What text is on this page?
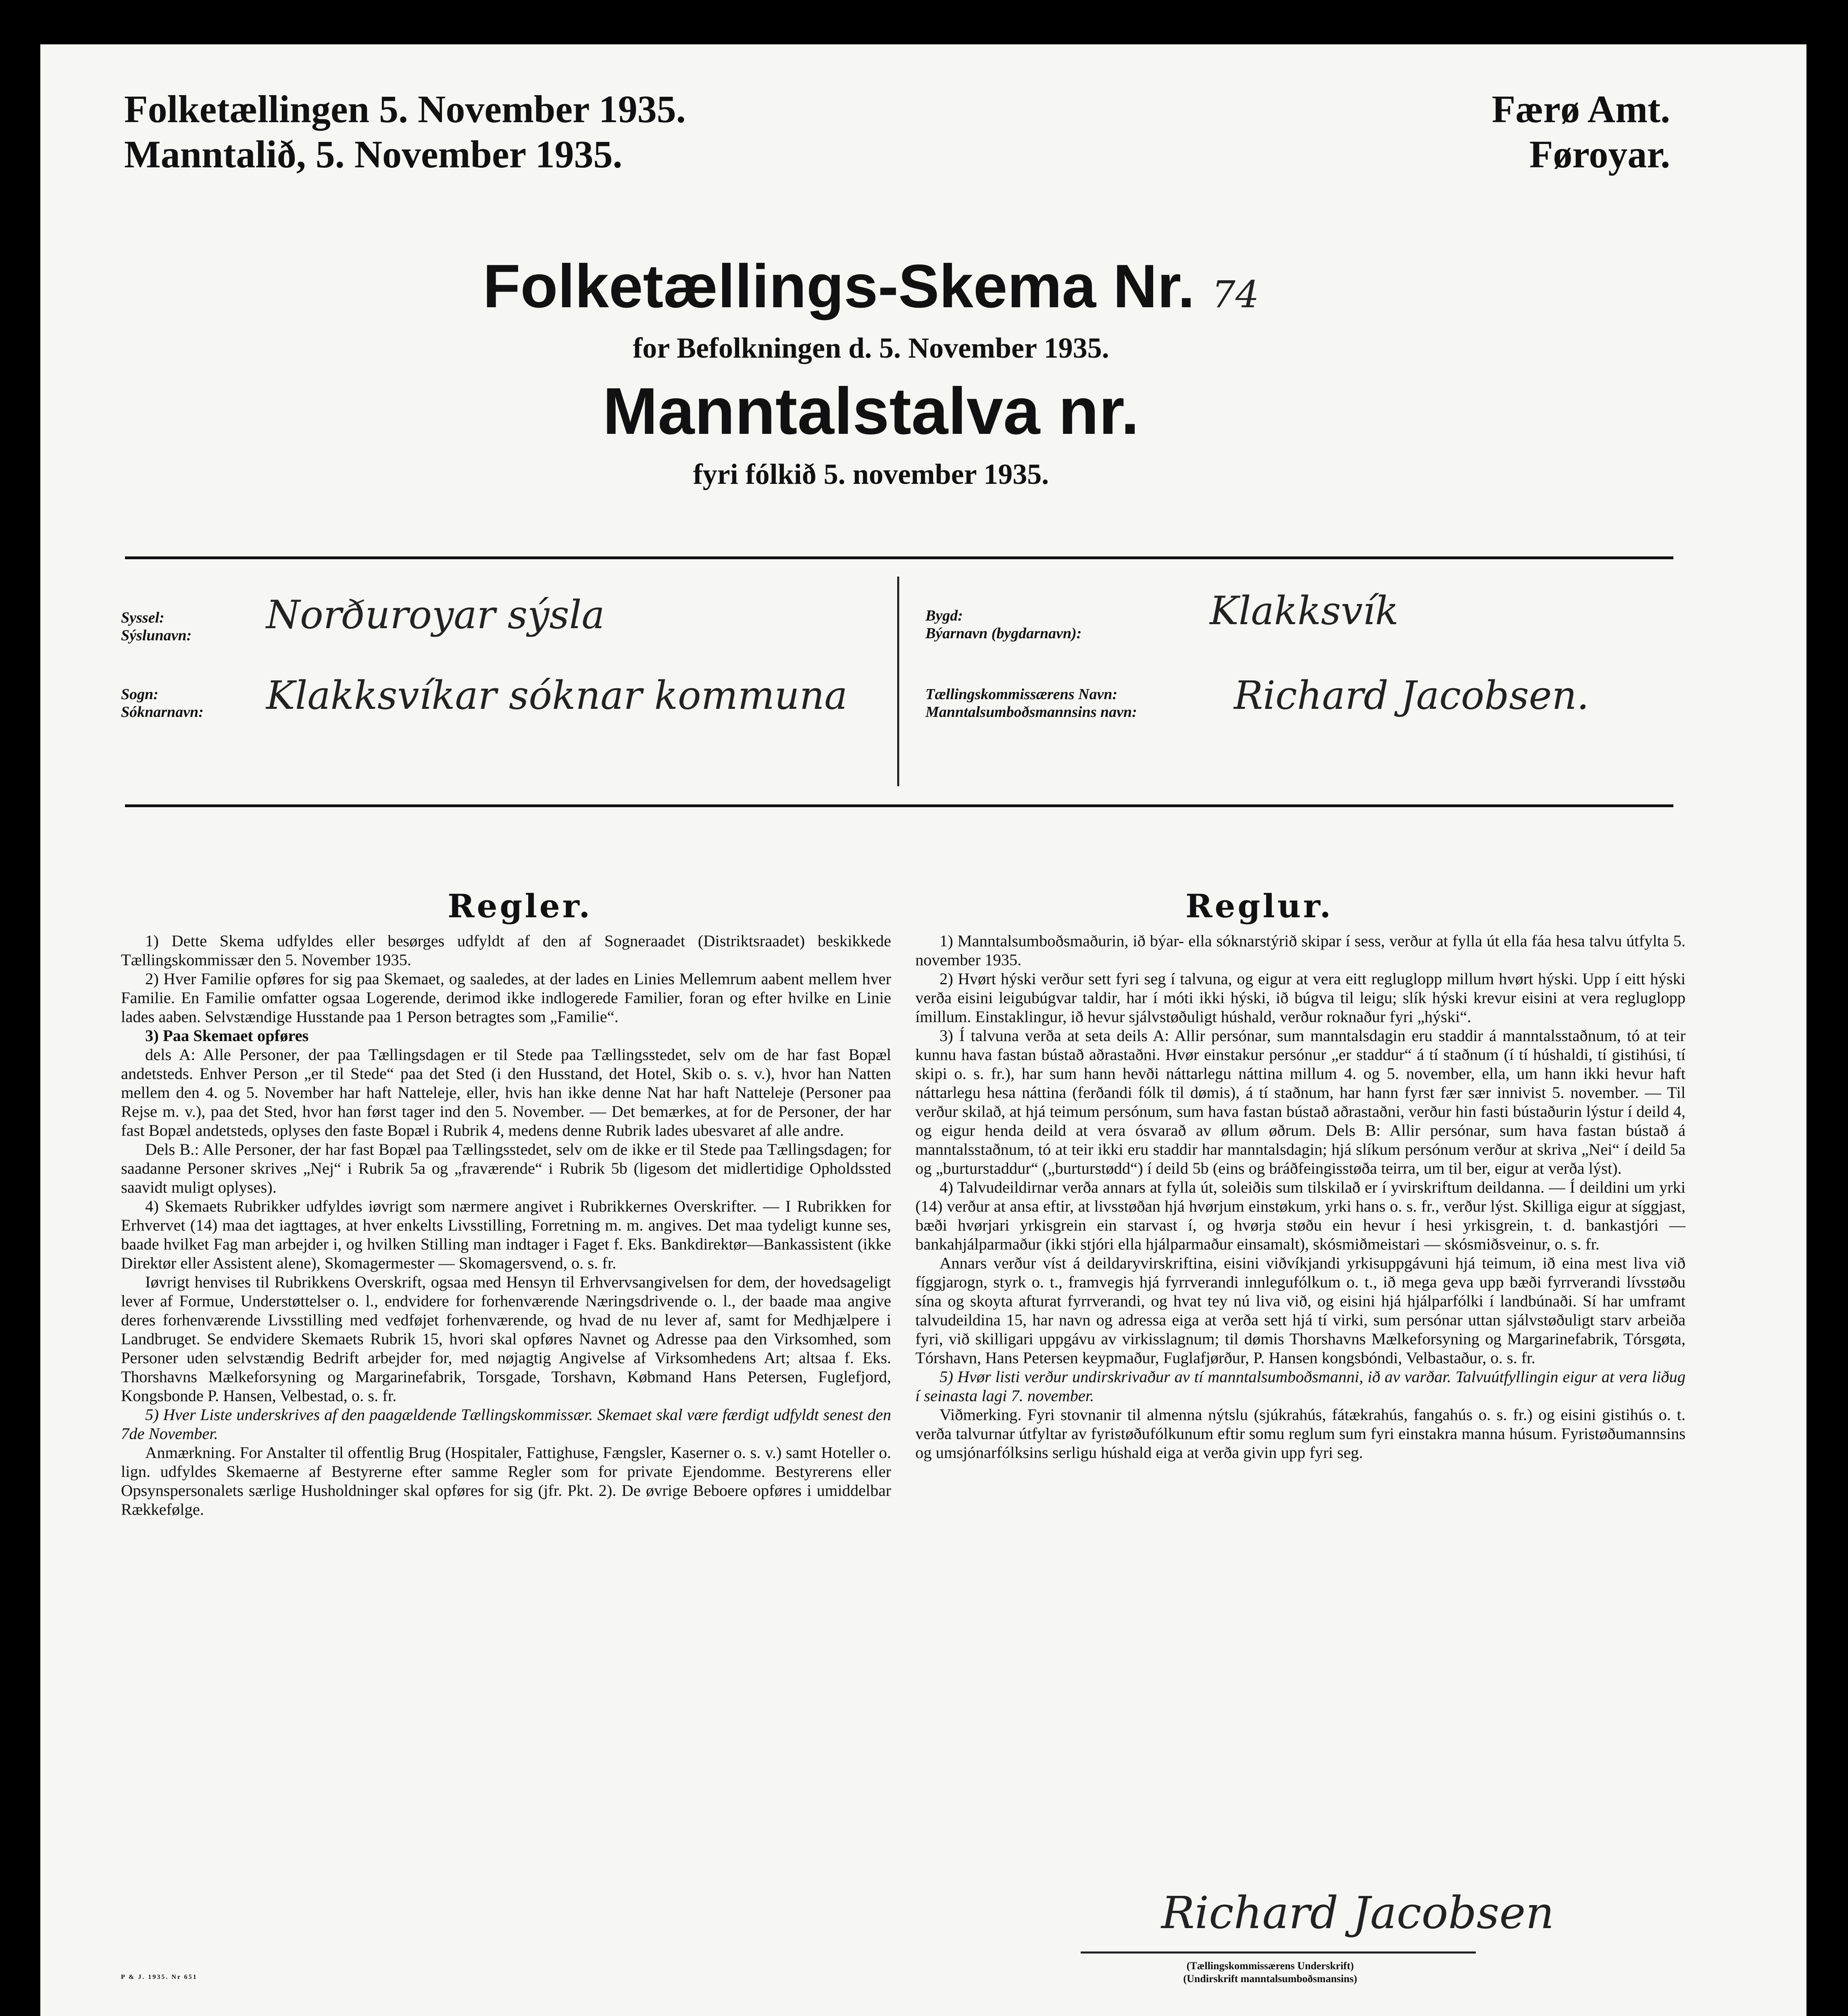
Folketællingen 5. November 1935.
Manntalið, 5. November 1935.
Færø Amt.
Føroyar.
Folketællings-Skema Nr. 74
for Befolkningen d. 5. November 1935.
Manntalstalva nr.
fyri fólkið 5. november 1935.
Syssel:
Sýslunavn: Norðuroyar sýsla
Sogn:
Sóknarnavn: Klakksvíkar sóknar kommuna
Bygd:
Býarnavn (bygdarnavn):	Klakksvík
Tællingskommissærens Navn:
Manntalsumboðsmannsins navn:	Richard Jacobsen.
Regler.	Reglur.

1) Dette Skema udfyldes eller besørges udfyldt af den af Sogneraadet (Distriktsraadet) beskikkede Tællingskommissær den 5. November 1935.

2) Hver Familie opføres for sig paa Skemaet, og saaledes, at der lades en Linies Mellemrum aabent mellem hver Familie. En Familie omfatter ogsaa Logerende, derimod ikke indlogerede Familier, foran og efter hvilke en Linie lades aaben. Selvstændige Husstande paa 1 Person betragtes som „Familie“.

3) Paa Skemaet opføres

dels A: Alle Personer, der paa Tællingsdagen er til Stede paa Tællingsstedet, selv om de har fast Bopæl andetsteds. Enhver Person „er til Stede“ paa det Sted (i den Husstand, det Hotel, Skib o. s. v.), hvor han Natten mellem den 4. og 5. November har haft Natteleje, eller, hvis han ikke denne Nat har haft Natteleje (Personer paa Rejse m. v.), paa det Sted, hvor han først tager ind den 5. November. — Det bemærkes, at for de Personer, der har fast Bopæl andetsteds, oplyses den faste Bopæl i Rubrik 4, medens denne Rubrik lades ubesvaret af alle andre.

Dels B.: Alle Personer, der har fast Bopæl paa Tællingsstedet, selv om de ikke er til Stede paa Tællingsdagen; for saadanne Personer skrives „Nej“ i Rubrik 5a og „fraværende“ i Rubrik 5b (ligesom det midlertidige Opholdssted saavidt muligt oplyses).

4) Skemaets Rubrikker udfyldes iøvrigt som nærmere angivet i Rubrikkernes Overskrifter. — I Rubrikken for Erhvervet (14) maa det iagttages, at hver enkelts Livsstilling, Forretning m. m. angives. Det maa tydeligt kunne ses, baade hvilket Fag man arbejder i, og hvilken Stilling man indtager i Faget f. Eks. Bankdirektør—Bankassistent (ikke Direktør eller Assistent alene), Skomagermester — Skomagersvend, o. s. fr.

Iøvrigt henvises til Rubrikkens Overskrift, ogsaa med Hensyn til Erhvervsangivelsen for dem, der hovedsageligt lever af Formue, Understøttelser o. l., endvidere for forhenværende Næringsdrivende o. l., der baade maa angive deres forhenværende Livsstilling med vedføjet forhenværende, og hvad de nu lever af, samt for Medhjælpere i Landbruget. Se endvidere Skemaets Rubrik 15, hvori skal opføres Navnet og Adresse paa den Virksomhed, som Personer uden selvstændig Bedrift arbejder for, med nøjagtig Angivelse af Virksomhedens Art; altsaa f. Eks. Thorshavns Mælkeforsyning og Margarinefabrik, Torsgade, Torshavn, Købmand Hans Petersen, Fuglefjord, Kongsbonde P. Hansen, Velbestad, o. s. fr.

5) Hver Liste underskrives af den paagældende Tællingskommissær. Skemaet skal være færdigt udfyldt senest den 7de November.

Anmærkning. For Anstalter til offentlig Brug (Hospitaler, Fattighuse, Fængsler, Kaserner o. s. v.) samt Hoteller o. lign. udfyldes Skemaerne af Bestyrerne efter samme Regler som for private Ejendomme. Bestyrerens eller Opsynspersonalets særlige Husholdninger skal opføres for sig (jfr. Pkt. 2). De øvrige Beboere opføres i umiddelbar Rækkefølge.

1) Manntalsumboðsmaðurin, ið býar- ella sóknarstýrið skipar í sess, verður at fylla út ella fáa hesa talvu útfylta 5. november 1935.

2) Hvørt hýski verður sett fyri seg í talvuna, og eigur at vera eitt regluglopp millum hvørt hýski. Upp í eitt hýski verða eisini leigubúgvar taldir, har í móti ikki hýski, ið búgva til leigu; slík hýski krevur eisini at vera regluglopp ímillum. Einstaklingur, ið hevur sjálvstøðuligt húshald, verður roknaður fyri „hýski“.

3) Í talvuna verða at seta deils A: Allir persónar, sum manntalsdagin eru staddir á manntalsstaðnum, tó at teir kunnu hava fastan bústað aðrastaðni. Hvør einstakur persónur „er staddur“ á tí staðnum (í tí húshaldi, tí gistihúsi, tí skipi o. s. fr.), har sum hann hevði náttarlegu náttina millum 4. og 5. november, ella, um hann ikki hevur haft náttarlegu hesa náttina (ferðandi fólk til dømis), á tí staðnum, har hann fyrst fær sær innivist 5. november. — Til verður skilað, at hjá teimum persónum, sum hava fastan bústað aðrastaðni, verður hin fasti bústaðurin lýstur í deild 4, og eigur henda deild at vera ósvarað av øllum øðrum. Dels B: Allir persónar, sum hava fastan bústað á manntalsstaðnum, tó at teir ikki eru staddir har manntalsdagin; hjá slíkum persónum verður at skriva „Nei“ í deild 5a og „burturstaddur“ („burturstødd“) í deild 5b (eins og bráðfeingisstøða teirra, um til ber, eigur at verða lýst).

4) Talvudeildirnar verða annars at fylla út, soleiðis sum tilskilað er í yvirskriftum deildanna. — Í deildini um yrki (14) verður at ansa eftir, at livsstøðan hjá hvørjum einstøkum, yrki hans o. s. fr., verður lýst. Skilliga eigur at síggjast, bæði hvørjari yrkisgrein ein starvast í, og hvørja støðu ein hevur í hesi yrkisgrein, t. d. bankastjóri — bankahjálparmaður (ikki stjóri ella hjálparmaður einsamalt), skósmiðmeistari — skósmiðsveinur, o. s. fr.

Annars verður víst á deildaryvirskriftina, eisini viðvíkjandi yrkisuppgávuni hjá teimum, ið eina mest liva við fíggjarogn, styrk o. t., framvegis hjá fyrrverandi innlegufólkum o. t., ið mega geva upp bæði fyrrverandi lívsstøðu sína og skoyta afturat fyrrverandi, og hvat tey nú liva við, og eisini hjá hjálparfólki í landbúnaði. Sí har umframt talvudeildina 15, har navn og adressa eiga at verða sett hjá tí virki, sum persónar uttan sjálvstøðuligt starv arbeiða fyri, við skilligari uppgávu av virkisslagnum; til dømis Thorshavns Mælkeforsyning og Margarinefabrik, Tórsgøta, Tórshavn, Hans Petersen keypmaður, Fuglafjørður, P. Hansen kongsbóndi, Velbastaður, o. s. fr.

5) Hvør listi verður undirskrivaður av tí manntalsumboðsmanni, ið av varðar. Talvuútfyllingin eigur at vera liðug í seinasta lagi 7. november.

Viðmerking. Fyri stovnanir til almenna nýtslu (sjúkrahús, fátækrahús, fangahús o. s. fr.) og eisini gistihús o. t. verða talvurnar útfyltar av fyristøðufólkunum eftir somu reglum sum fyri einstakra manna húsum. Fyristøðumannsins og umsjónarfólksins serligu húshald eiga at verða givin upp fyri seg.

Richard Jacobsen
(Tællingskommissærens Underskrift)
(Undirskrift manntalsumboðsmansins)
P & J. 1935. Nr 651
